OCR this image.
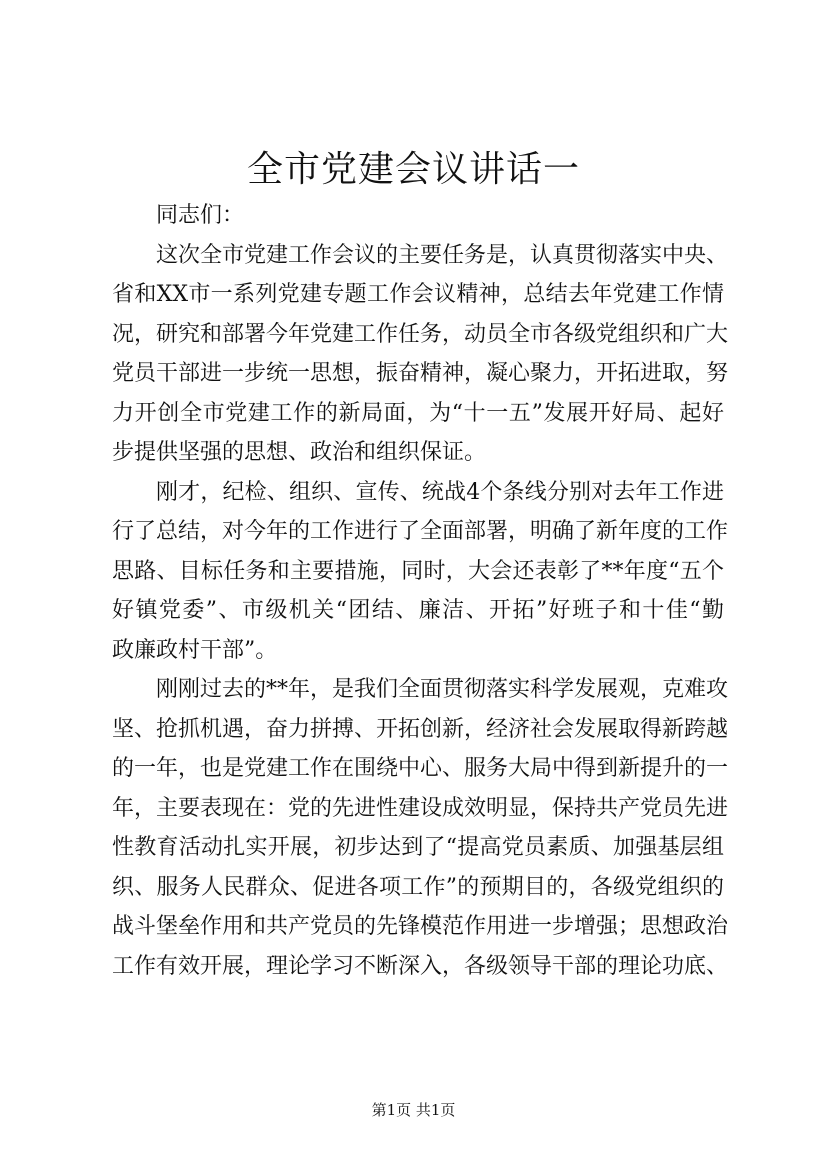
全市党建会议讲话一
同志们：
这次全市党建工作会议的主要任务是，认真贯彻落实中央、
省和XX市一系列党建专题工作会议精神，总结去年党建工作情
况，研究和部署今年党建工作任务，动员全市各级党组织和广大
党员干部进一步统一思想，振奋精神，凝心聚力，开拓进取，努
力开创全市党建工作的新局面，为“十一五”发展开好局、起好
步提供坚强的思想、政治和组织保证。
刚才，纪检、组织、宣传、统战4个条线分别对去年工作进
行了总结，对今年的工作进行了全面部署，明确了新年度的工作
思路、目标任务和主要措施，同时，大会还表彰了**年度“五个
好镇党委”、市级机关“团结、廉洁、开拓”好班子和十佳“勤
政廉政村干部”。
刚刚过去的**年，是我们全面贯彻落实科学发展观，克难攻
坚、抢抓机遇，奋力拼搏、开拓创新，经济社会发展取得新跨越
的一年，也是党建工作在围绕中心、服务大局中得到新提升的一
年，主要表现在：党的先进性建设成效明显，保持共产党员先进
性教育活动扎实开展，初步达到了“提高党员素质、加强基层组
织、服务人民群众、促进各项工作”的预期目的，各级党组织的
战斗堡垒作用和共产党员的先锋模范作用进一步增强；思想政治
工作有效开展，理论学习不断深入，各级领导干部的理论功底、
第1页 共1页
